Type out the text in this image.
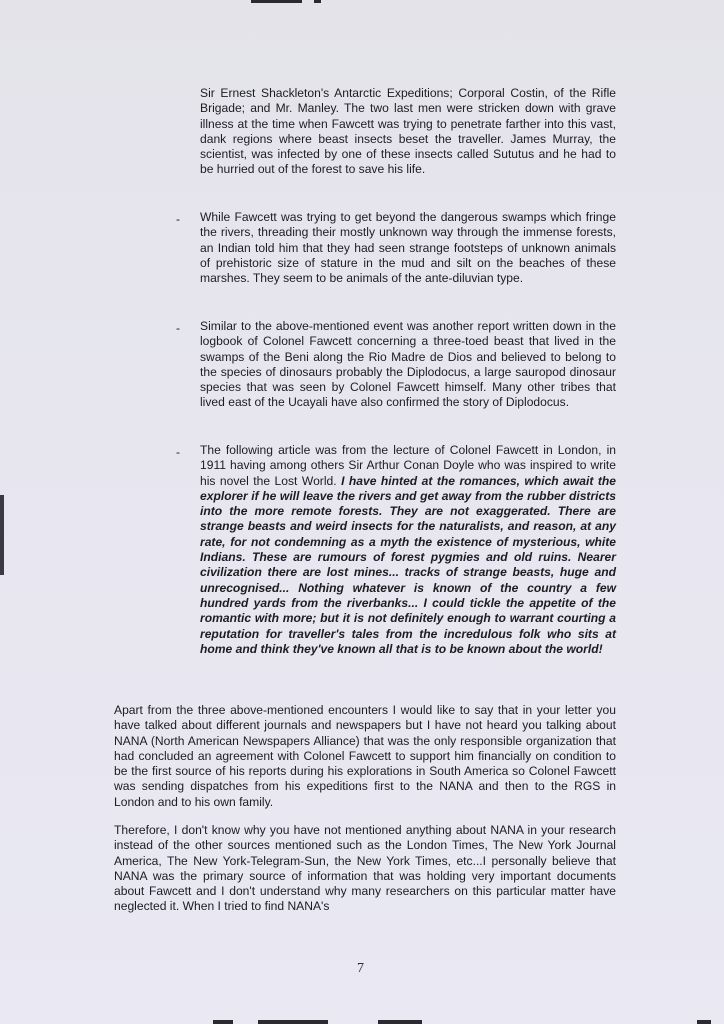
Sir Ernest Shackleton's Antarctic Expeditions; Corporal Costin, of the Rifle Brigade; and Mr. Manley. The two last men were stricken down with grave illness at the time when Fawcett was trying to penetrate farther into this vast, dank regions where beast insects beset the traveller. James Murray, the scientist, was infected by one of these insects called Sututus and he had to be hurried out of the forest to save his life.

- While Fawcett was trying to get beyond the dangerous swamps which fringe the rivers, threading their mostly unknown way through the immense forests, an Indian told him that they had seen strange footsteps of unknown animals of prehistoric size of stature in the mud and silt on the beaches of these marshes. They seem to be animals of the ante-diluvian type.

- Similar to the above-mentioned event was another report written down in the logbook of Colonel Fawcett concerning a three-toed beast that lived in the swamps of the Beni along the Rio Madre de Dios and believed to belong to the species of dinosaurs probably the Diplodocus, a large sauropod dinosaur species that was seen by Colonel Fawcett himself. Many other tribes that lived east of the Ucayali have also confirmed the story of Diplodocus.

- The following article was from the lecture of Colonel Fawcett in London, in 1911 having among others Sir Arthur Conan Doyle who was inspired to write his novel the Lost World. I have hinted at the romances, which await the explorer if he will leave the rivers and get away from the rubber districts into the more remote forests. They are not exaggerated. There are strange beasts and weird insects for the naturalists, and reason, at any rate, for not condemning as a myth the existence of mysterious, white Indians. These are rumours of forest pygmies and old ruins. Nearer civilization there are lost mines... tracks of strange beasts, huge and unrecognised... Nothing whatever is known of the country a few hundred yards from the riverbanks... I could tickle the appetite of the romantic with more; but it is not definitely enough to warrant courting a reputation for traveller's tales from the incredulous folk who sits at home and think they've known all that is to be known about the world!

Apart from the three above-mentioned encounters I would like to say that in your letter you have talked about different journals and newspapers but I have not heard you talking about NANA (North American Newspapers Alliance) that was the only responsible organization that had concluded an agreement with Colonel Fawcett to support him financially on condition to be the first source of his reports during his explorations in South America so Colonel Fawcett was sending dispatches from his expeditions first to the NANA and then to the RGS in London and to his own family.

Therefore, I don't know why you have not mentioned anything about NANA in your research instead of the other sources mentioned such as the London Times, The New York Journal America, The New York-Telegram-Sun, the New York Times, etc...I personally believe that NANA was the primary source of information that was holding very important documents about Fawcett and I don't understand why many researchers on this particular matter have neglected it. When I tried to find NANA's

7
